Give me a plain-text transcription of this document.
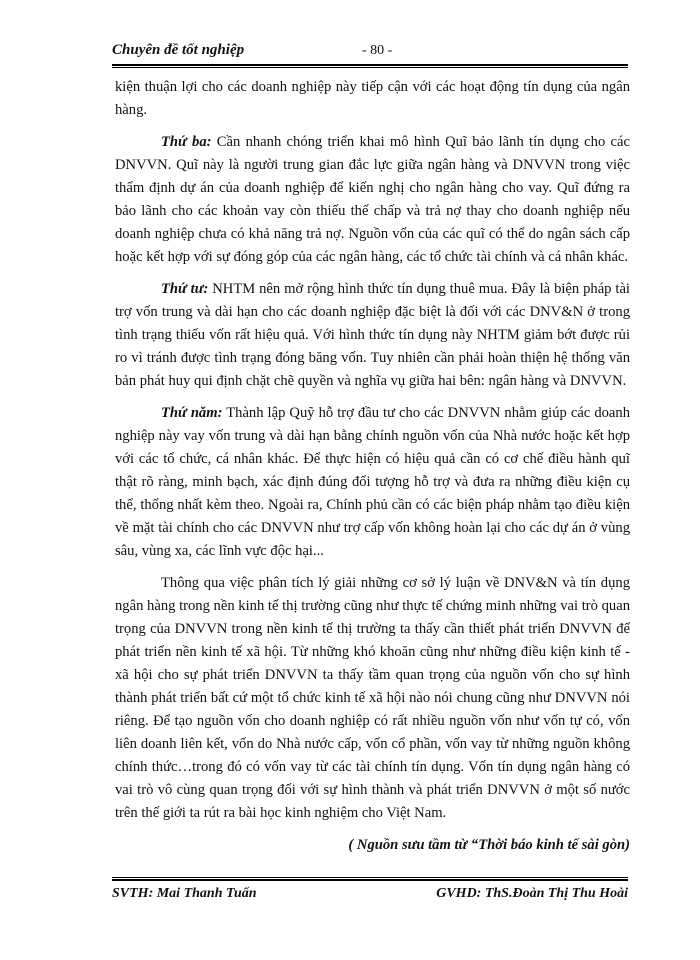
Chuyên đề tốt nghiệp	- 80 -

kiện thuận lợi cho các doanh nghiệp này tiếp cận với các hoạt động tín dụng của ngân hàng.

Thứ ba: Cần nhanh chóng triển khai mô hình Quĩ bảo lãnh tín dụng cho các DNVVN. Quĩ này là người trung gian đắc lực giữa ngân hàng và DNVVN trong việc thẩm định dự án của doanh nghiệp để kiến nghị cho ngân hàng cho vay. Quĩ đứng ra bảo lãnh cho các khoản vay còn thiếu thế chấp và trả nợ thay cho doanh nghiệp nếu doanh nghiệp chưa có khả năng trả nợ. Nguồn vốn của các quĩ có thể do ngân sách cấp hoặc kết hợp với sự đóng góp của các ngân hàng, các tổ chức tài chính và cá nhân khác.

Thứ tư: NHTM nên mở rộng hình thức tín dụng thuê mua. Đây là biện pháp tài trợ vốn trung và dài hạn cho các doanh nghiệp đặc biệt là đối với các DNV&N ở trong tình trạng thiếu vốn rất hiệu quả. Với hình thức tín dụng này NHTM giảm bớt được rủi ro vì tránh được tình trạng đóng băng vốn. Tuy nhiên cần phải hoàn thiện hệ thống văn bản phát huy qui định chặt chẽ quyền và nghĩa vụ giữa hai bên: ngân hàng và DNVVN.

Thứ năm: Thành lập Quỹ hỗ trợ đầu tư cho các DNVVN nhằm giúp các doanh nghiệp này vay vốn trung và dài hạn bằng chính nguồn vốn của Nhà nước hoặc kết hợp với các tổ chức, cá nhân khác. Để thực hiện có hiệu quả cần có cơ chế điều hành quĩ thật rõ ràng, minh bạch, xác định đúng đối tượng hỗ trợ và đưa ra những điều kiện cụ thể, thống nhất kèm theo. Ngoài ra, Chính phủ cần có các biện pháp nhằm tạo điều kiện về mặt tài chính cho các DNVVN như trợ cấp vốn không hoàn lại cho các dự án ở vùng sâu, vùng xa, các lĩnh vực độc hại...

Thông qua việc phân tích lý giải những cơ sở lý luận về DNV&N và tín dụng ngân hàng trong nền kinh tế thị trường cũng như thực tế chứng minh những vai trò quan trọng của DNVVN trong nền kinh tế thị trường ta thấy cần thiết phát triển DNVVN để phát triển nền kinh tế xã hội. Từ những khó khoăn cũng như những điều kiện kinh tế - xã hội cho sự phát triển DNVVN ta thấy tầm quan trọng của nguồn vốn cho sự hình thành phát triển bất cứ một tổ chức kinh tế xã hội nào nói chung cũng như DNVVN nói riêng. Để tạo nguồn vốn cho doanh nghiệp có rất nhiều nguồn vốn như vốn tự có, vốn liên doanh liên kết, vốn do Nhà nước cấp, vốn cổ phần, vốn vay từ những nguồn không chính thức…trong đó có vốn vay từ các tài chính tín dụng. Vốn tín dụng ngân hàng có vai trò vô cùng quan trọng đối với sự hình thành và phát triển DNVVN ở một số nước trên thế giới ta rút ra bài học kinh nghiệm cho Việt Nam.

( Nguồn sưu tầm từ “Thời báo kinh tế sài gòn)
SVTH: Mai Thanh Tuấn	GVHD: ThS.Đoàn Thị Thu Hoài
